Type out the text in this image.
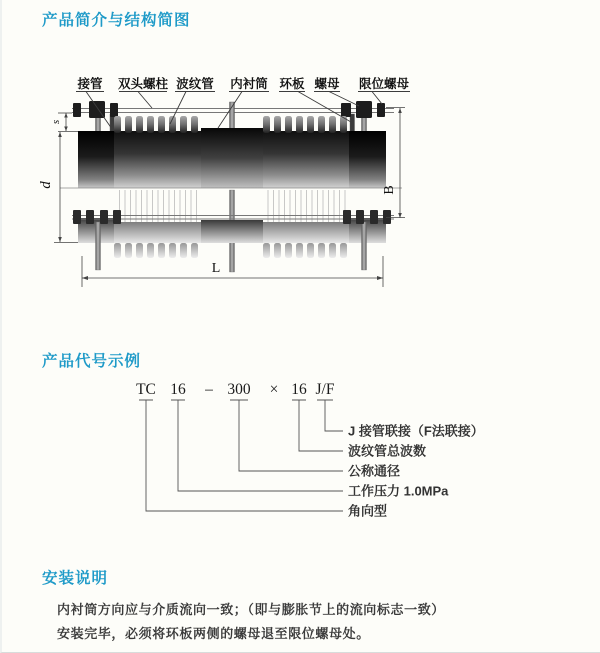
产品简介与结构简图
产品代号示例
安装说明
s
d
B
L
接管 双头螺柱 波纹管 内衬筒 环板 螺母 限位螺母
TC 16 – 300 × 16 J/F
J 接管联接（F法联接）
波纹管总波数
公称通径
工作压力 1.0MPa
角向型
内衬筒方向应与介质流向一致；（即与膨胀节上的流向标志一致）
安装完毕，必须将环板两侧的螺母退至限位螺母处。
